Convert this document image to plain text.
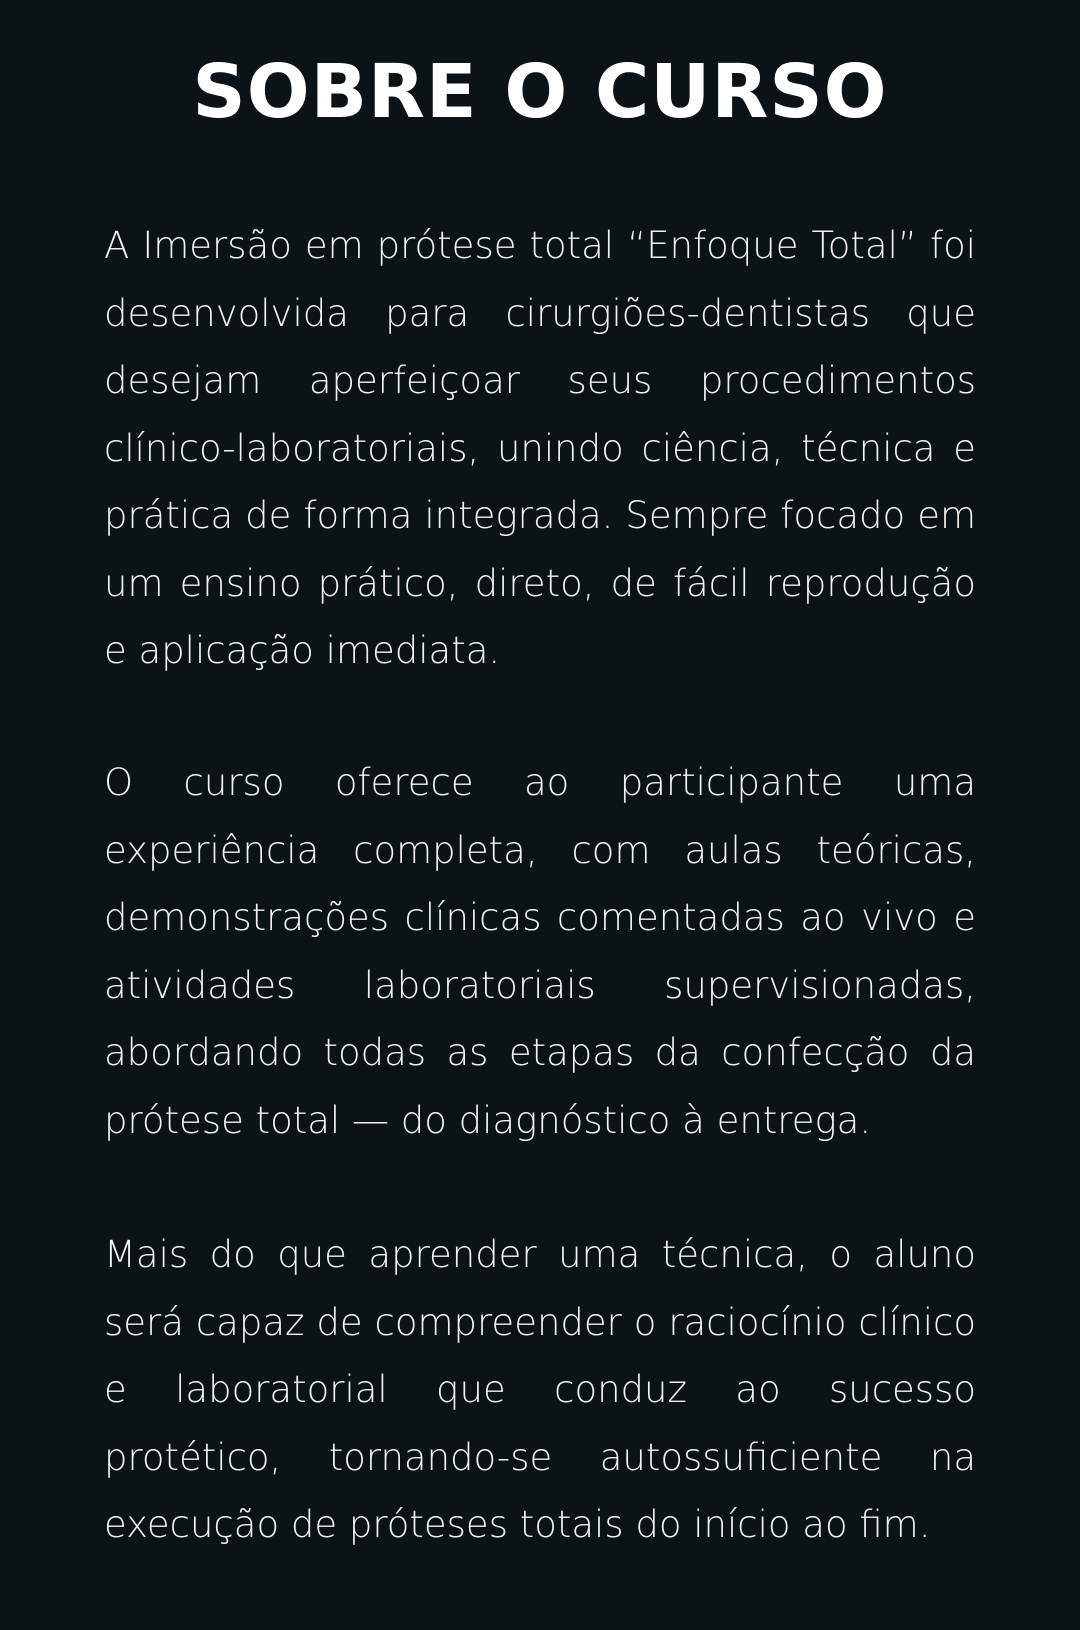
SOBRE O CURSO

A Imersão em prótese total “Enfoque Total” foi desenvolvida para cirurgiões-dentistas que desejam aperfeiçoar seus procedimentos clínico-laboratoriais, unindo ciência, técnica e prática de forma integrada. Sempre focado em um ensino prático, direto, de fácil reprodução e aplicação imediata.

O curso oferece ao participante uma experiência completa, com aulas teóricas, demonstrações clínicas comentadas ao vivo e atividades laboratoriais supervisionadas, abordando todas as etapas da confecção da prótese total — do diagnóstico à entrega.

Mais do que aprender uma técnica, o aluno será capaz de compreender o raciocínio clínico e laboratorial que conduz ao sucesso protético, tornando-se autossuficiente na execução de próteses totais do início ao fim.
